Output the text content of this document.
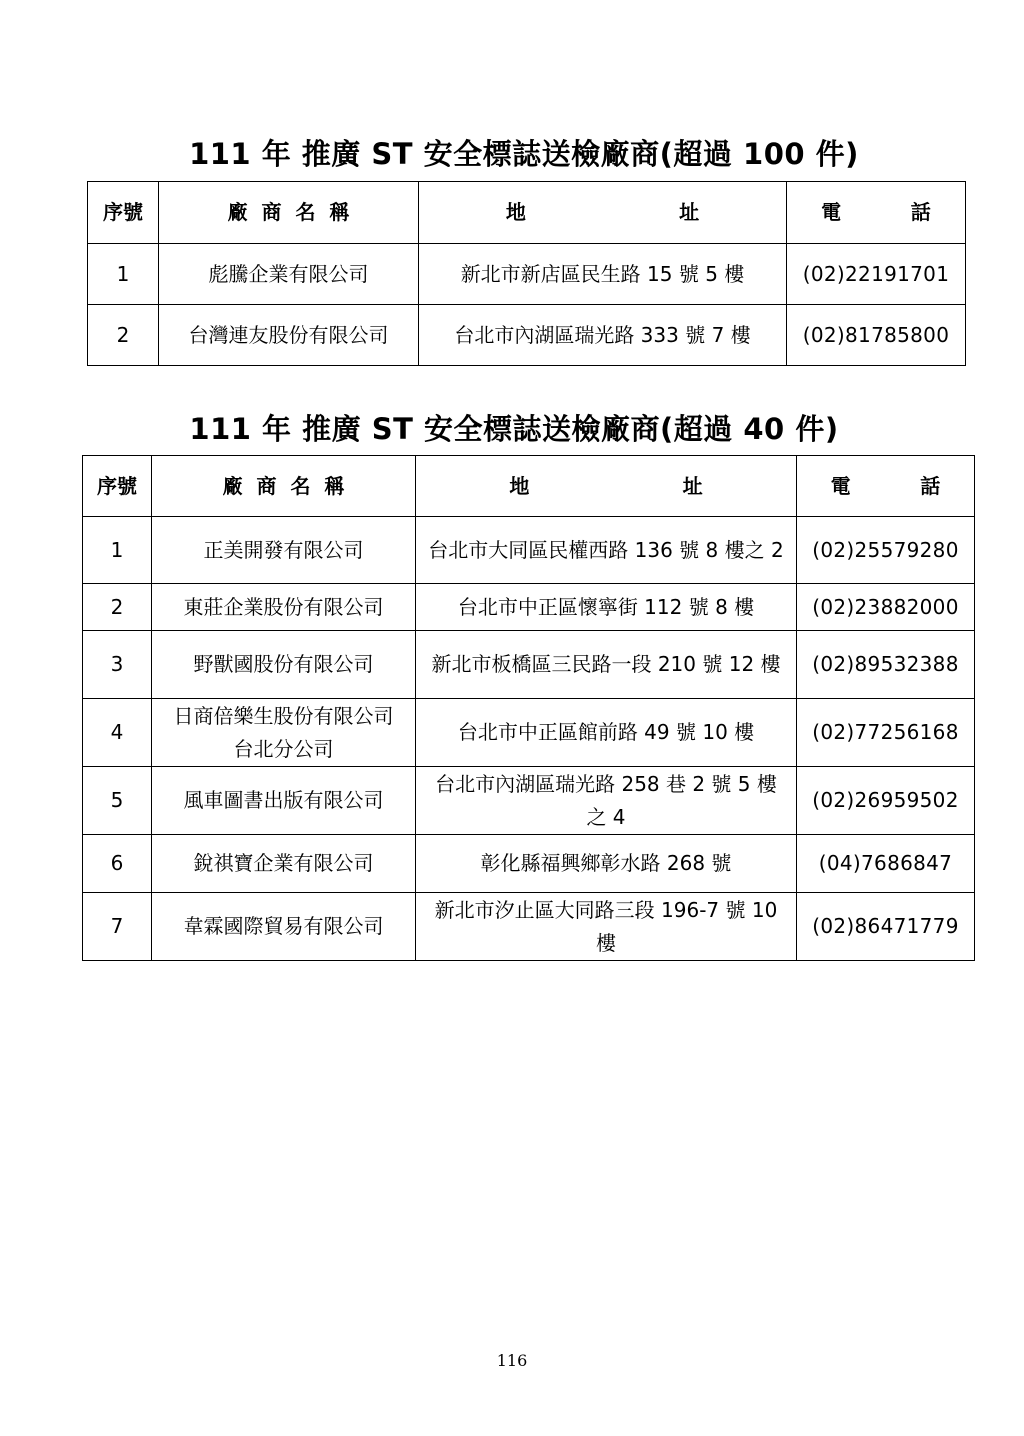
111 年 推廣 ST 安全標誌送檢廠商(超過 100 件)
序號	廠  商  名  稱	地                      址	電          話
1	彪騰企業有限公司	新北市新店區民生路 15 號 5 樓	(02)22191701
2	台灣連友股份有限公司	台北市內湖區瑞光路 333 號 7 樓	(02)81785800
111 年 推廣 ST 安全標誌送檢廠商(超過 40 件)
序號	廠  商  名  稱	地                      址	電          話
1	正美開發有限公司	台北市大同區民權西路 136 號 8 樓之 2	(02)25579280
2	東莊企業股份有限公司	台北市中正區懷寧街 112 號 8 樓	(02)23882000
3	野獸國股份有限公司	新北市板橋區三民路一段 210 號 12 樓	(02)89532388
4	日商倍樂生股份有限公司台北分公司	台北市中正區館前路 49 號 10 樓	(02)77256168
5	風車圖書出版有限公司	台北市內湖區瑞光路 258 巷 2 號 5 樓之 4	(02)26959502
6	銳祺寶企業有限公司	彰化縣福興鄉彰水路 268 號	(04)7686847
7	韋霖國際貿易有限公司	新北市汐止區大同路三段 196-7 號 10 樓	(02)86471779
116
